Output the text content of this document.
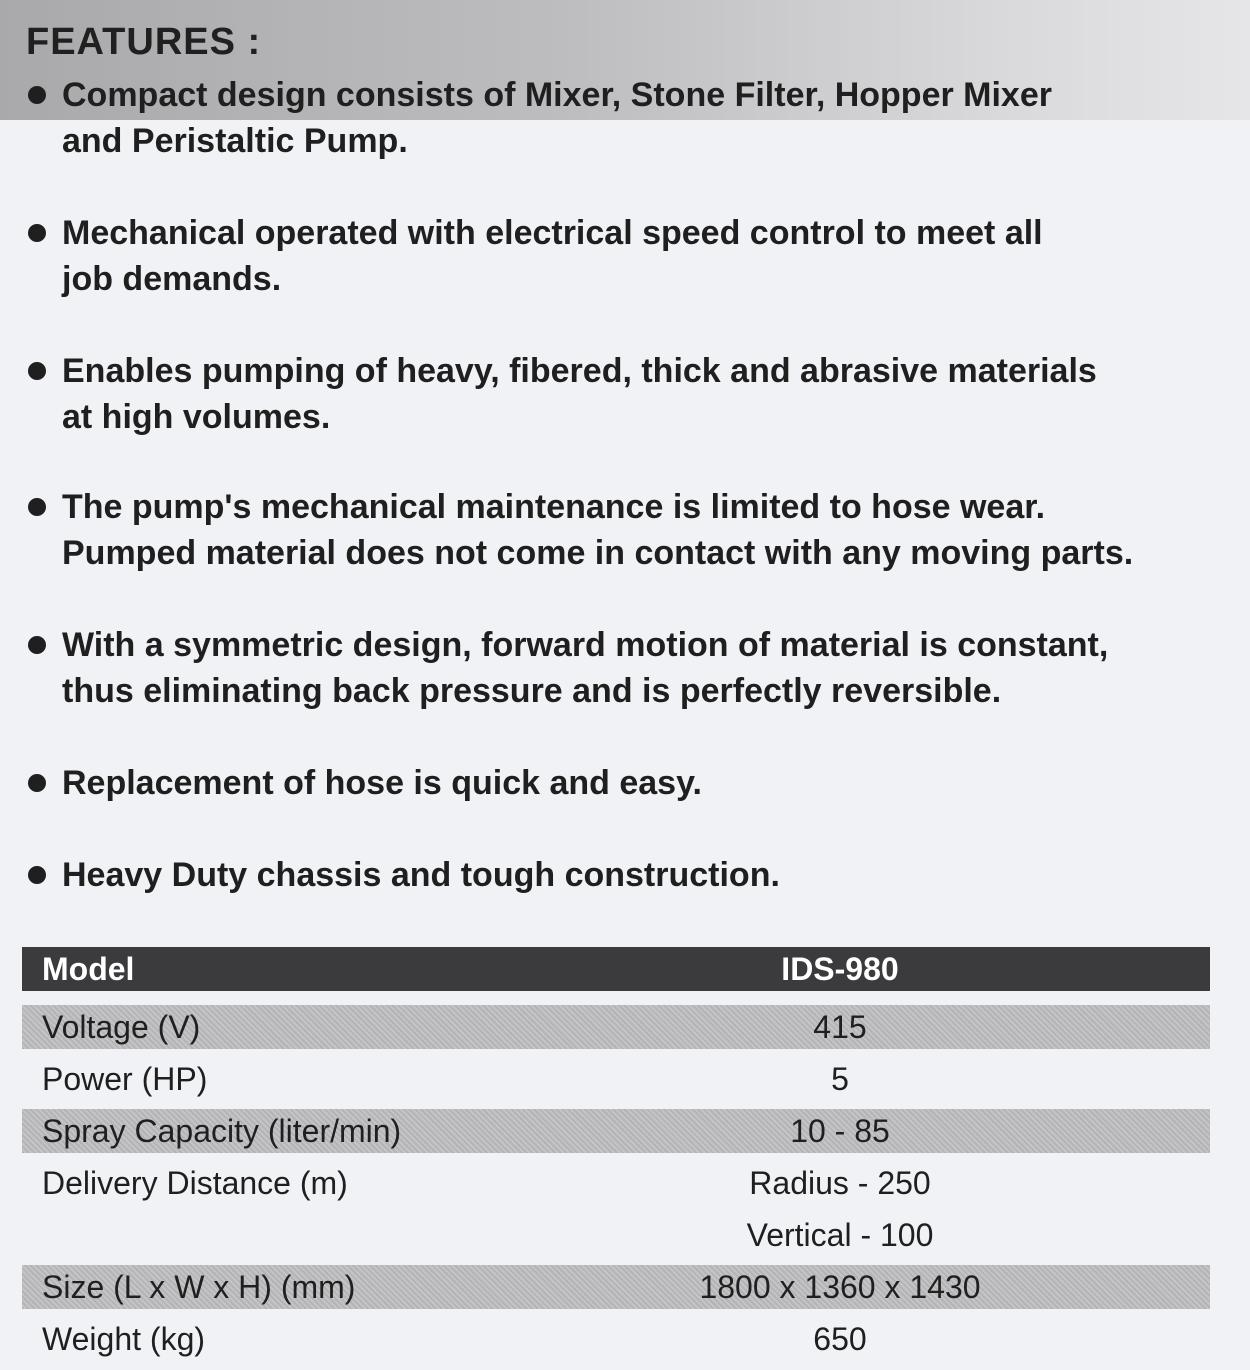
FEATURES :
Compact design consists of Mixer, Stone Filter, Hopper Mixer
and Peristaltic Pump.
Mechanical operated with electrical speed control to meet all
job demands.
Enables pumping of heavy, fibered, thick and abrasive materials
at high volumes.
The pump's mechanical maintenance is limited to hose wear.
Pumped material does not come in contact with any moving parts.
With a symmetric design, forward motion of material is constant,
thus eliminating back pressure and is perfectly reversible.
Replacement of hose is quick and easy.
Heavy Duty chassis and tough construction.
Model	IDS-980
Voltage (V)	415
Power (HP)	5
Spray Capacity (liter/min)	10 - 85
Delivery Distance (m)	Radius - 250
Vertical - 100
Size (L x W x H) (mm)	1800 x 1360 x 1430
Weight (kg)	650
